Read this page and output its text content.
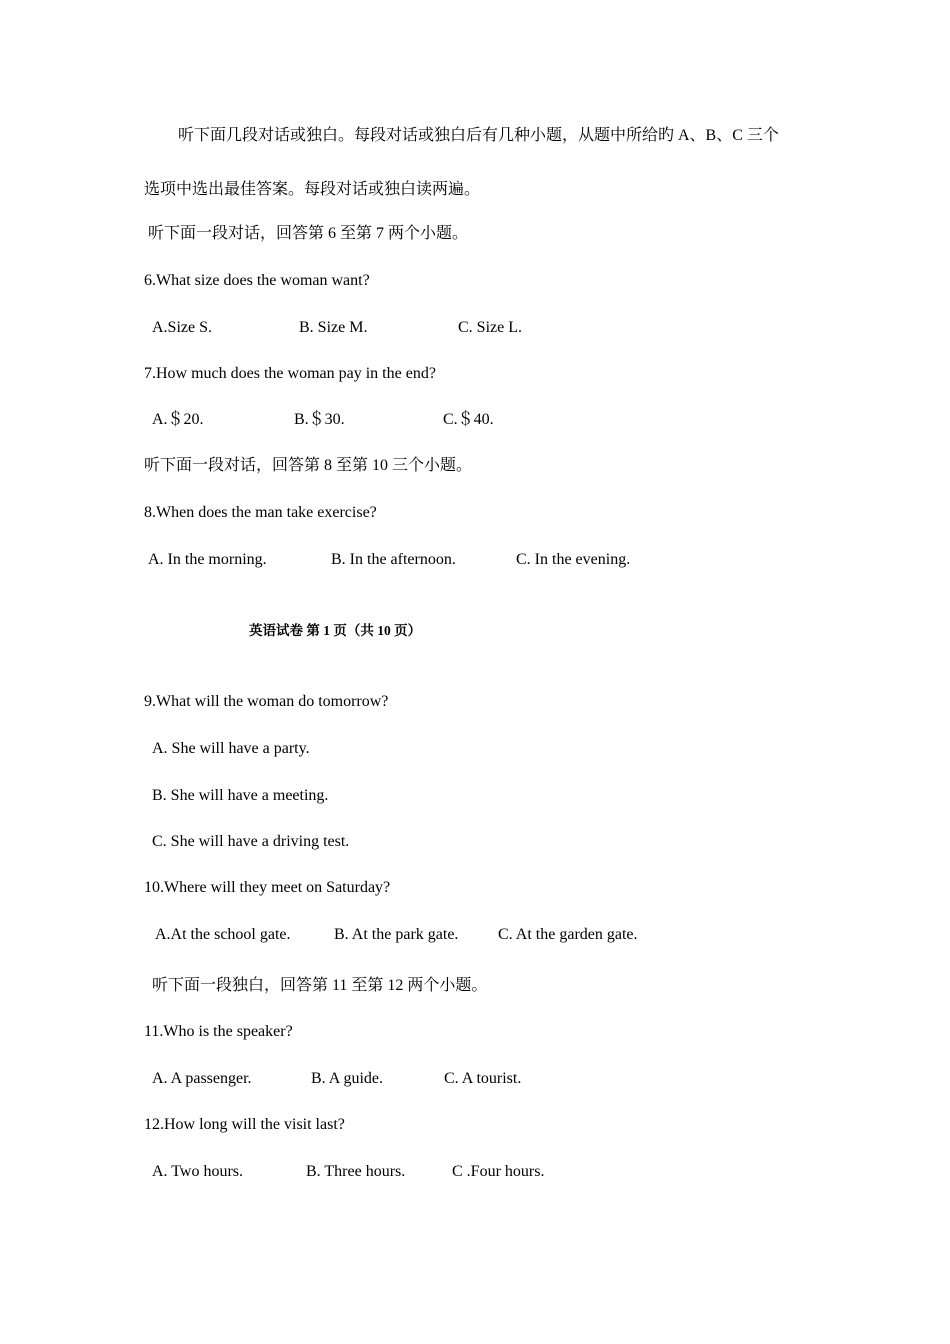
听下面几段对话或独白。每段对话或独白后有几种小题，从题中所给旳 A、B、C 三个
选项中选出最佳答案。每段对话或独白读两遍。
听下面一段对话，回答第 6 至第 7 两个小题。
6.What size does the woman want?
A.Size S.	B. Size M.	C. Size L.
7.How much does the woman pay in the end?
A.＄20.	B.＄30.	C.＄40.
听下面一段对话，回答第 8 至第 10 三个小题。
8.When does the man take exercise?
A. In the morning.	B. In the afternoon.	C. In the evening.
英语试卷 第 1 页（共 10 页）
9.What will the woman do tomorrow?
A. She will have a party.
B. She will have a meeting.
C. She will have a driving test.
10.Where will they meet on Saturday?
A.At the school gate.	B. At the park gate. C. At the garden gate.
听下面一段独白，回答第 11 至第 12 两个小题。
11.Who is the speaker?
A. A passenger.	B. A guide.	C. A tourist.
12.How long will the visit last?
A. Two hours.	B. Three hours.	C .Four hours.
